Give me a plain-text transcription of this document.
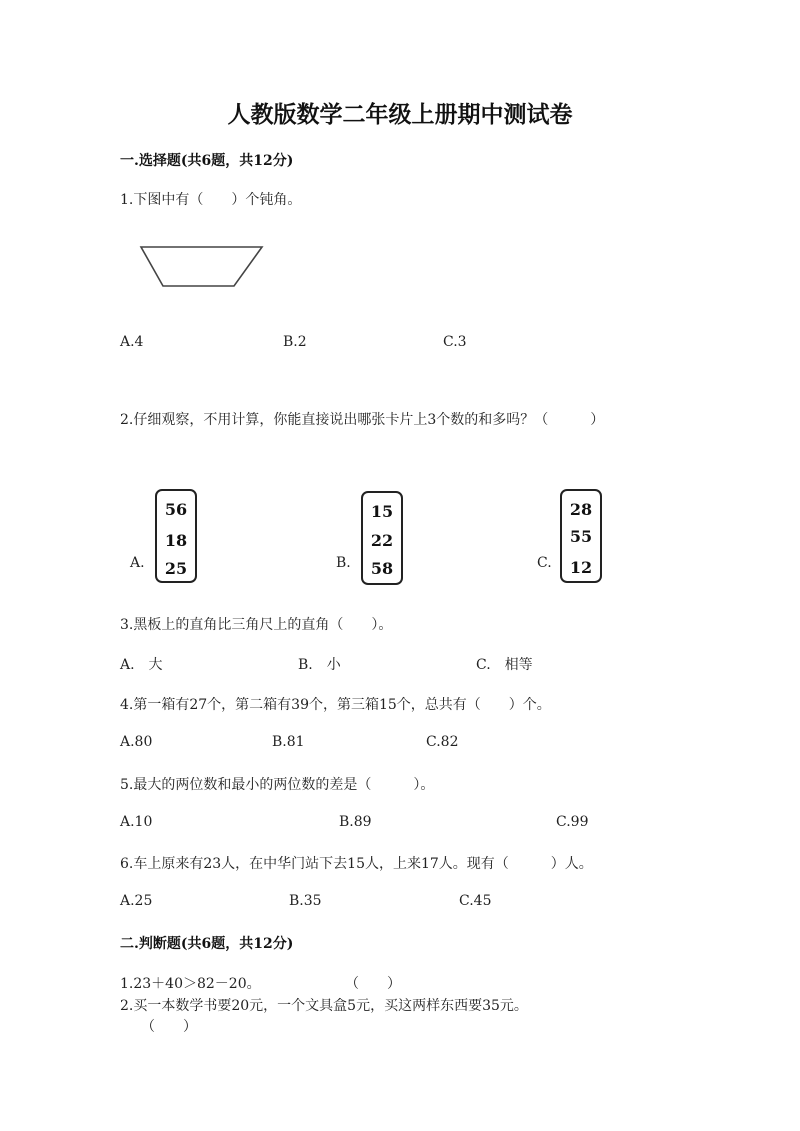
人教版数学二年级上册期中测试卷
一.选择题(共6题，共12分)
1.下图中有（　　）个钝角。
A.4	B.2	C.3
2.仔细观察，不用计算，你能直接说出哪张卡片上3个数的和多吗？（　　　）
A.
56
18
25	B.
15
22
58	C.
28
55
12
3.黑板上的直角比三角尺上的直角（　　）。
A.　大	B.　小	C.　相等
4.第一箱有27个，第二箱有39个，第三箱15个，总共有（　　）个。
A.80	B.81	C.82
5.最大的两位数和最小的两位数的差是（　　　）。
A.10	B.89	C.99
6.车上原来有23人，在中华门站下去15人，上来17人。现有（　　　）人。
A.25	B.35	C.45
二.判断题(共6题，共12分)
1.23＋40＞82－20。	（　　）
2.买一本数学书要20元，一个文具盒5元，买这两样东西要35元。
（　　）
